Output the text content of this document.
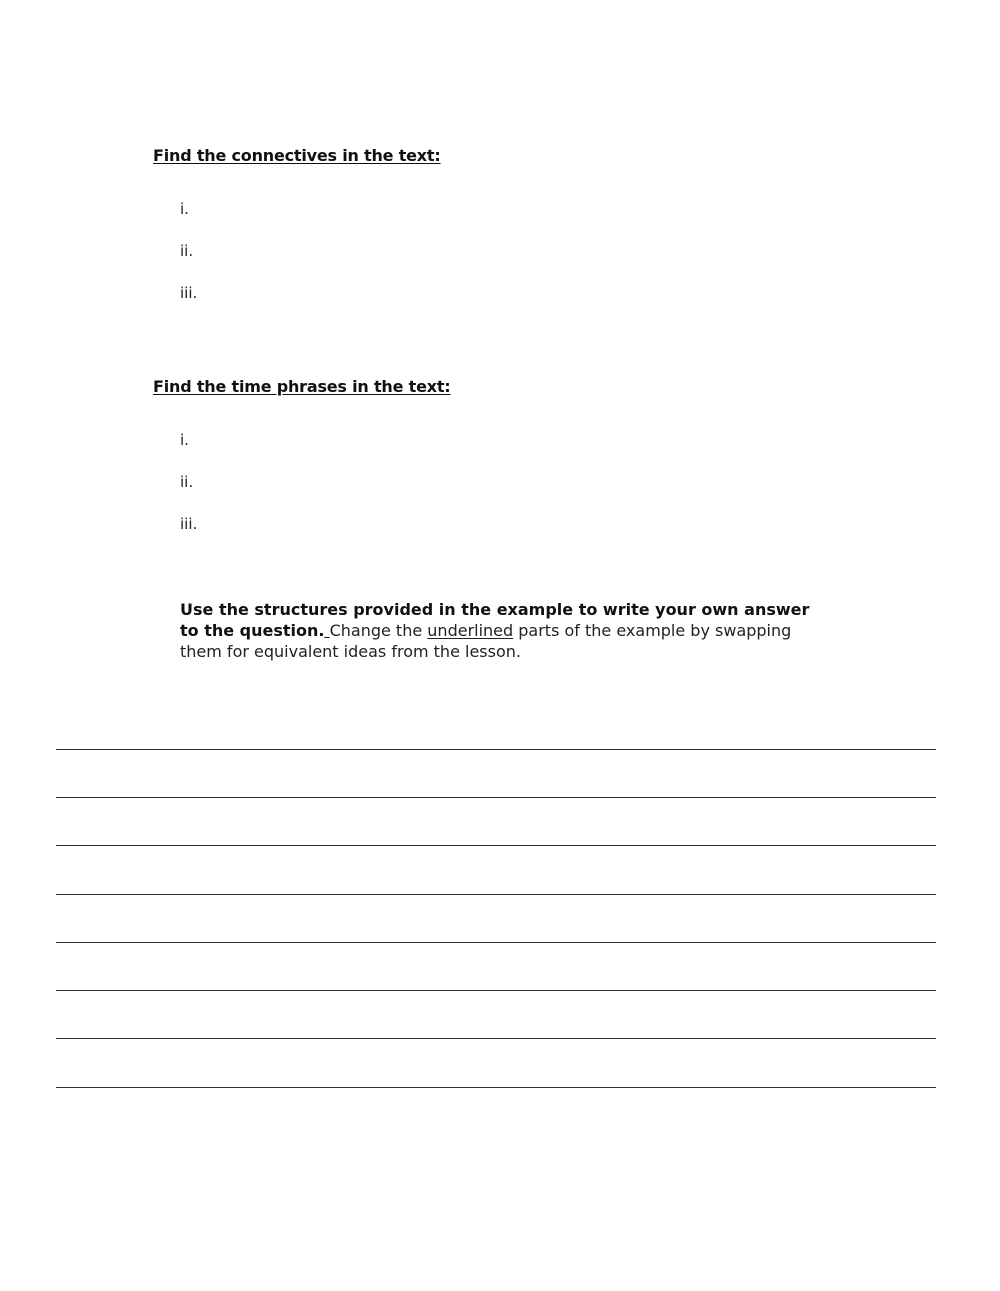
Find the connectives in the text:
i.
ii.
iii.
Find the time phrases in the text:
i.
ii.
iii.
Use the structures provided in the example to write your own answer to the question. Change the underlined parts of the example by swapping them for equivalent ideas from the lesson.
